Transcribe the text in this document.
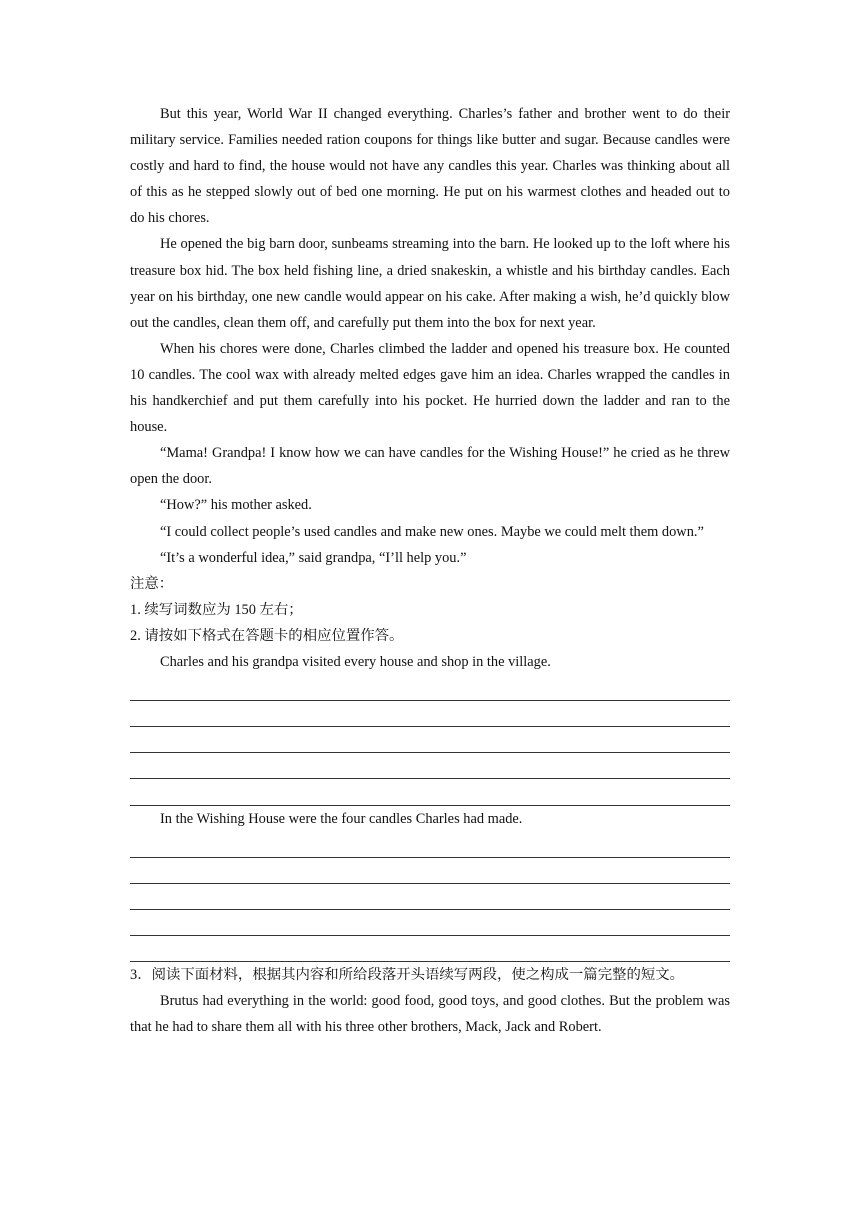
But this year, World War II changed everything. Charles’s father and brother went to do their military service. Families needed ration coupons for things like butter and sugar. Because candles were costly and hard to find, the house would not have any candles this year. Charles was thinking about all of this as he stepped slowly out of bed one morning. He put on his warmest clothes and headed out to do his chores.

He opened the big barn door, sunbeams streaming into the barn. He looked up to the loft where his treasure box hid. The box held fishing line, a dried snakeskin, a whistle and his birthday candles. Each year on his birthday, one new candle would appear on his cake. After making a wish, he’d quickly blow out the candles, clean them off, and carefully put them into the box for next year.

When his chores were done, Charles climbed the ladder and opened his treasure box. He counted 10 candles. The cool wax with already melted edges gave him an idea. Charles wrapped the candles in his handkerchief and put them carefully into his pocket. He hurried down the ladder and ran to the house.

“Mama! Grandpa! I know how we can have candles for the Wishing House!” he cried as he threw open the door.

“How?” his mother asked.

“I could collect people’s used candles and make new ones. Maybe we could melt them down.”

“It’s a wonderful idea,” said grandpa, “I’ll help you.”

注意：

1. 续写词数应为 150 左右；

2. 请按如下格式在答题卡的相应位置作答。

Charles and his grandpa visited every house and shop in the village.

In the Wishing House were the four candles Charles had made.

3．阅读下面材料，根据其内容和所给段落开头语续写两段，使之构成一篇完整的短文。

Brutus had everything in the world: good food, good toys, and good clothes. But the problem was that he had to share them all with his three other brothers, Mack, Jack and Robert.
